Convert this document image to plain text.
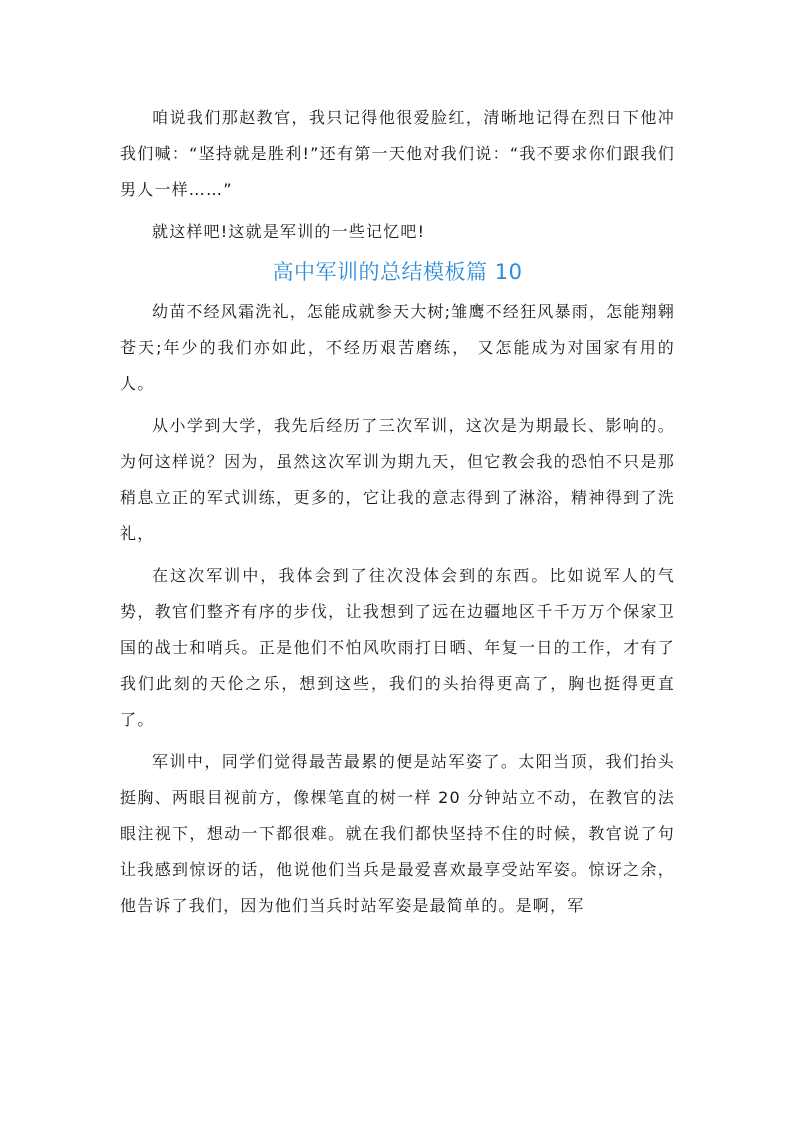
咱说我们那赵教官，我只记得他很爱脸红，清晰地记得在烈日下他冲我们喊：“坚持就是胜利!”还有第一天他对我们说：“我不要求你们跟我们男人一样……”

就这样吧!这就是军训的一些记忆吧!

高中军训的总结模板篇 10

幼苗不经风霜洗礼，怎能成就参天大树;雏鹰不经狂风暴雨，怎能翔翱苍天;年少的我们亦如此，不经历艰苦磨练， 又怎能成为对国家有用的人。

从小学到大学，我先后经历了三次军训，这次是为期最长、影响的。为何这样说？因为，虽然这次军训为期九天，但它教会我的恐怕不只是那稍息立正的军式训练，更多的，它让我的意志得到了淋浴，精神得到了洗礼，

在这次军训中，我体会到了往次没体会到的东西。比如说军人的气势，教官们整齐有序的步伐，让我想到了远在边疆地区千千万万个保家卫国的战士和哨兵。正是他们不怕风吹雨打日晒、年复一日的工作，才有了我们此刻的天伦之乐，想到这些，我们的头抬得更高了，胸也挺得更直了。

军训中，同学们觉得最苦最累的便是站军姿了。太阳当顶，我们抬头挺胸、两眼目视前方，像棵笔直的树一样 20 分钟站立不动，在教官的法眼注视下，想动一下都很难。就在我们都快坚持不住的时候，教官说了句让我感到惊讶的话，他说他们当兵是最爱喜欢最享受站军姿。惊讶之余，他告诉了我们，因为他们当兵时站军姿是最简单的。是啊，军
